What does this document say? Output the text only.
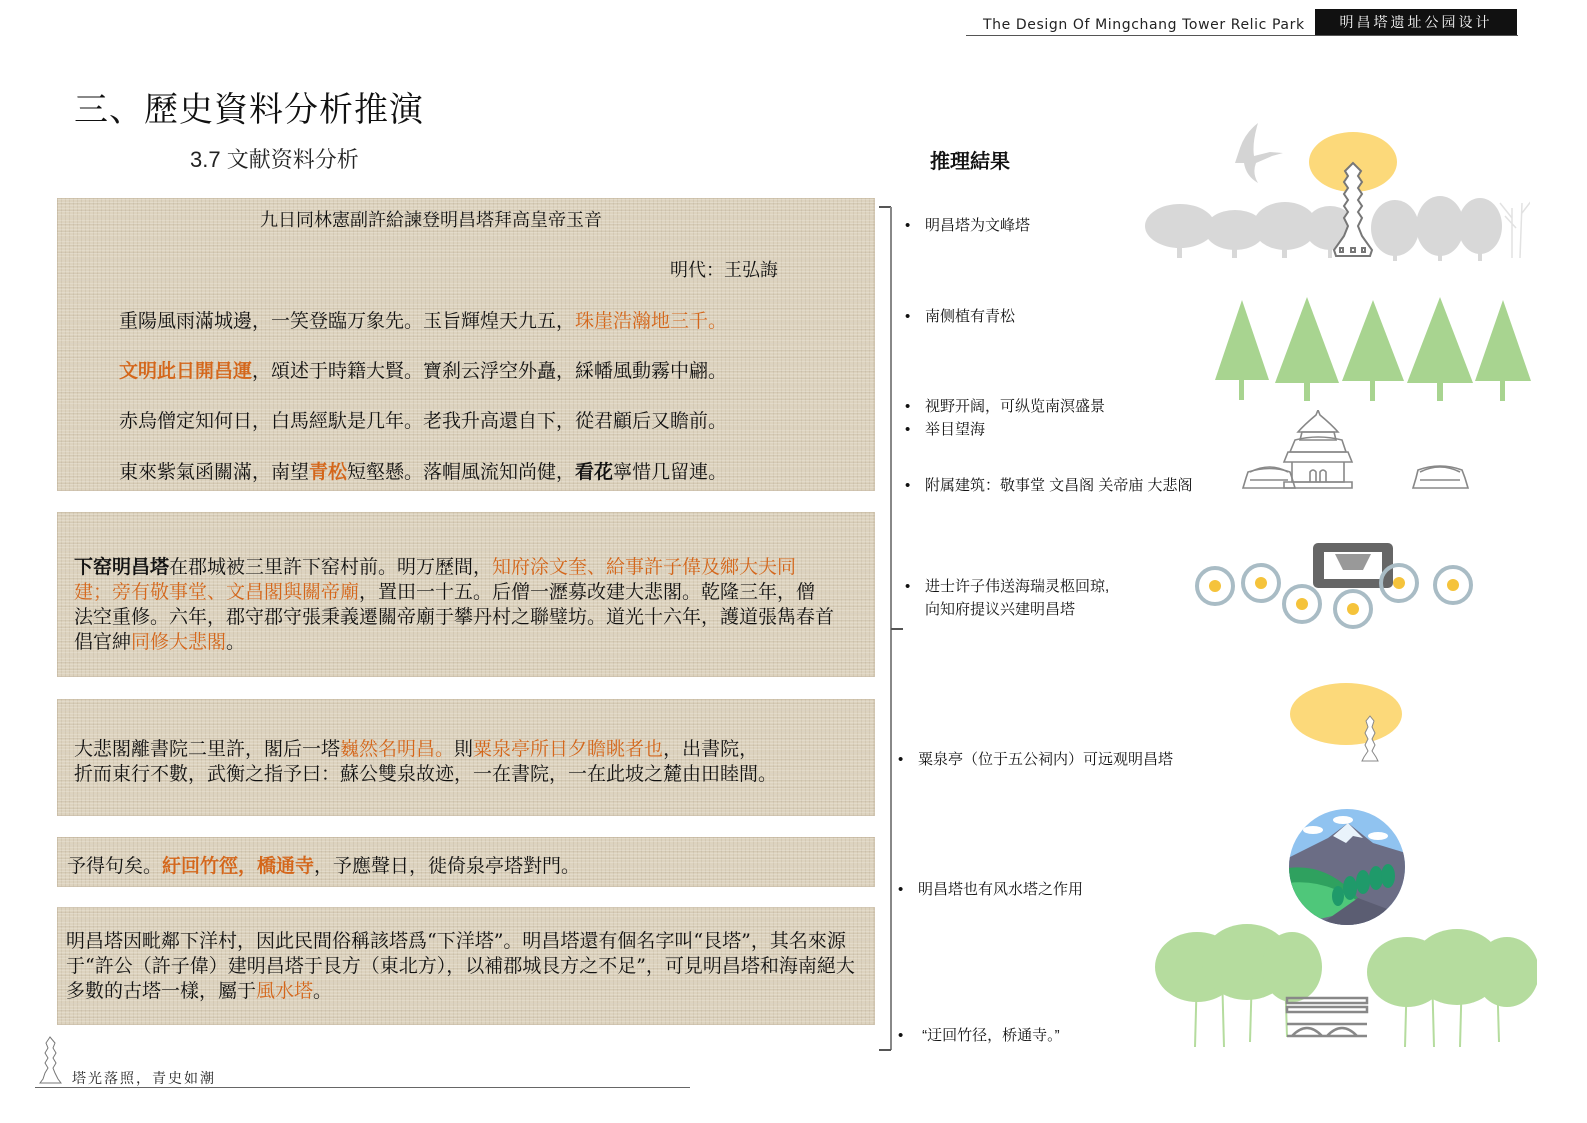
The Design Of Mingchang Tower Relic Park	明昌塔遗址公园设计
三、歷史資料分析推演
3.7 文献资料分析	推理結果
九日同林憲副許給諫登明昌塔拜高皇帝玉音
明代：王弘誨
重陽風雨滿城邊，一笑登臨万象先。玉旨輝煌天九五，珠崖浩瀚地三千。
文明此日開昌運，頌述于時籍大賢。寶刹云浮空外矗，綵幡風動霧中翩。
赤烏僧定知何日，白馬經馱是几年。老我升高還自下，從君顧后又瞻前。
東來紫氣函關滿，南望青松短壑懸。落帽風流知尚健，看花寧惜几留連。
下窑明昌塔在郡城被三里許下窑村前。明万歷間，知府涂文奎、給事許子偉及鄉大夫同建；旁有敬事堂、文昌閣與關帝廟，置田一十五。后僧一瀝募改建大悲閣。乾隆三年，僧法空重修。六年，郡守郡守張秉義遷關帝廟于攀丹村之聯璧坊。道光十六年，護道張雋春首倡官紳同修大悲閣。
大悲閣離書院二里許，閣后一塔巍然名明昌。則粟泉亭所日夕瞻眺者也，出書院，
折而東行不數，武衡之指予曰：蘇公雙泉故迹，一在書院，一在此坡之麓由田睦間。
予得句矣。紆回竹徑，橋通寺，予應聲日，徙倚泉亭塔對門。
明昌塔因毗鄰下洋村，因此民間俗稱該塔爲“下洋塔”。明昌塔還有個名字叫“艮塔”，其名來源于“許公（許子偉）建明昌塔于艮方（東北方），以補郡城艮方之不足”，可見明昌塔和海南絕大多數的古塔一樣，屬于風水塔。
• 明昌塔为文峰塔
• 南侧植有青松
• 视野开阔，可纵览南溟盛景
• 举目望海
• 附属建筑：敬事堂 文昌阁 关帝庙 大悲阁
• 进士许子伟送海瑞灵柩回琼,
向知府提议兴建明昌塔
• 粟泉亭（位于五公祠内）可远观明昌塔
• 明昌塔也有风水塔之作用
• “迂回竹径，桥通寺。”
塔光落照，青史如潮
